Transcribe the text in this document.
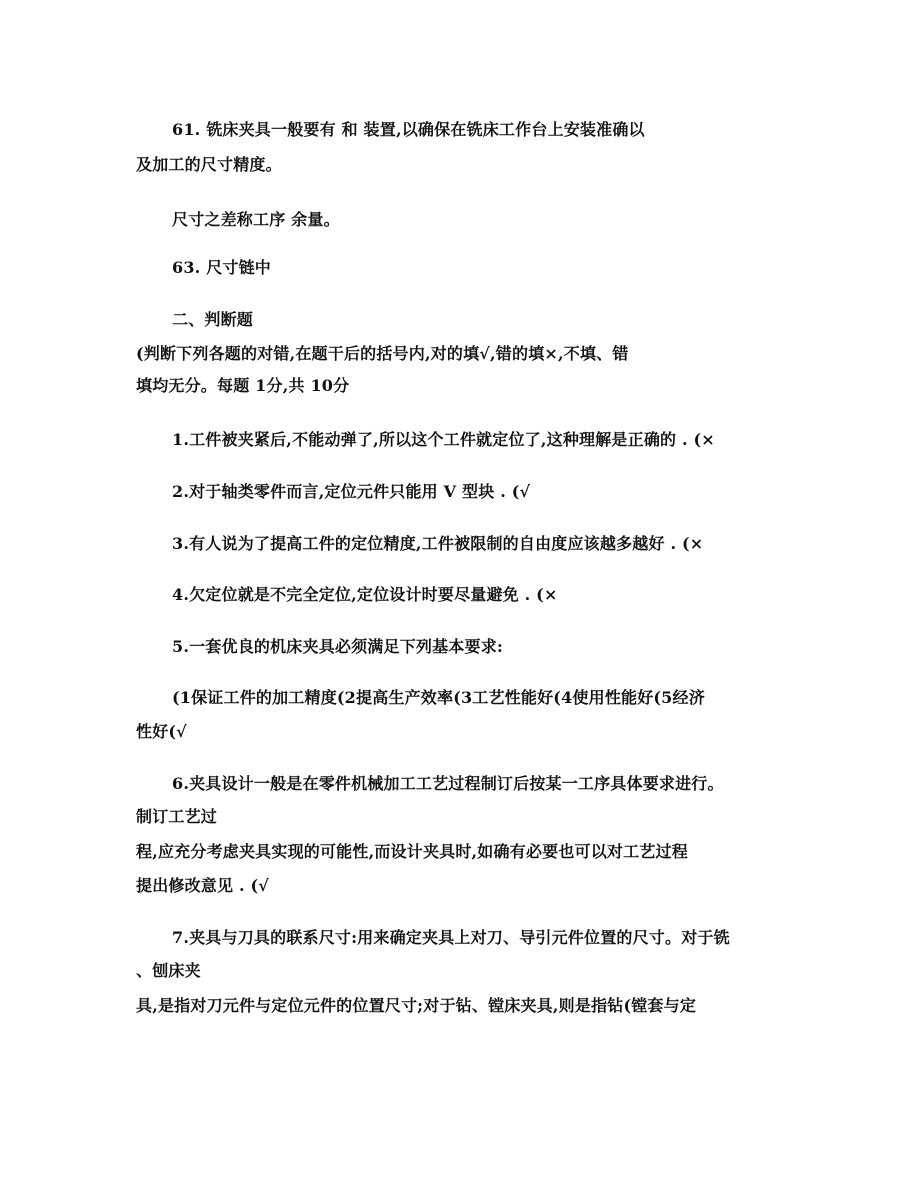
61. 铣床夹具一般要有 和 装置,以确保在铣床工作台上安装准确以
及加工的尺寸精度。
尺寸之差称工序 余量。
63. 尺寸链中
二、判断题
(判断下列各题的对错,在题干后的括号内,对的填√,错的填×,不填、错
填均无分。每题 1分,共 10分
1.工件被夹紧后,不能动弹了,所以这个工件就定位了,这种理解是正确的 . (×
2.对于轴类零件而言,定位元件只能用 V 型块 . (√
3.有人说为了提高工件的定位精度,工件被限制的自由度应该越多越好 . (×
4.欠定位就是不完全定位,定位设计时要尽量避免 . (×
5.一套优良的机床夹具必须满足下列基本要求:
(1保证工件的加工精度(2提高生产效率(3工艺性能好(4使用性能好(5经济
性好(√
6.夹具设计一般是在零件机械加工工艺过程制订后按某一工序具体要求进行。
制订工艺过
程,应充分考虑夹具实现的可能性,而设计夹具时,如确有必要也可以对工艺过程
提出修改意见 . (√
7.夹具与刀具的联系尺寸:用来确定夹具上对刀、导引元件位置的尺寸。对于铣
、刨床夹
具,是指对刀元件与定位元件的位置尺寸;对于钻、镗床夹具,则是指钻(镗套与定
